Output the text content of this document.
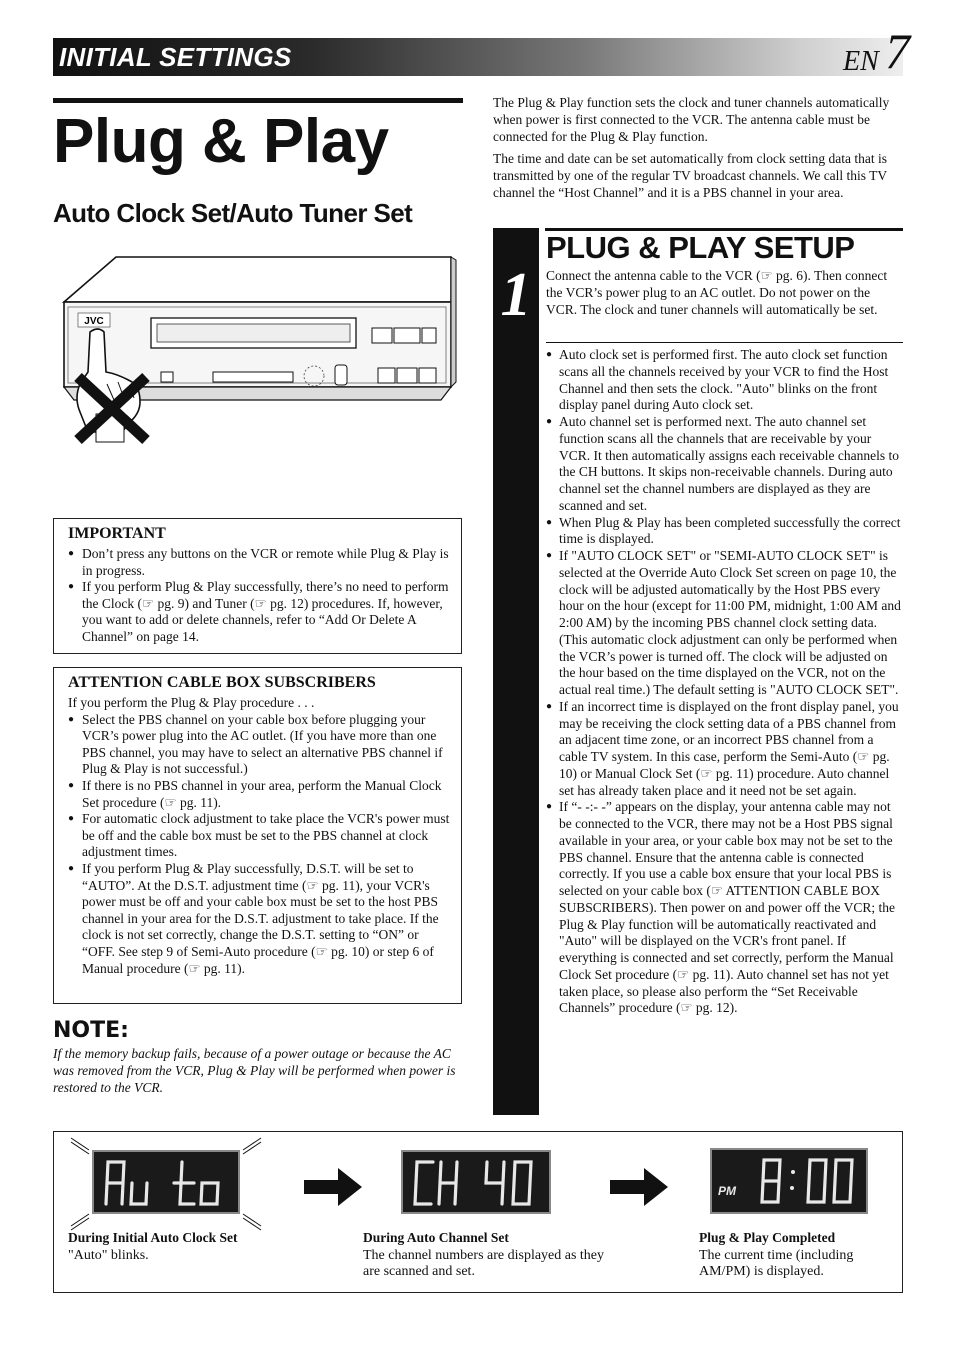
INITIAL SETTINGS	EN 7
Plug & Play
Auto Clock Set/Auto Tuner Set
JVC
IMPORTANT
● Don’t press any buttons on the VCR or remote while Plug & Play is in progress.
● If you perform Plug & Play successfully, there’s no need to perform the Clock (☞ pg. 9) and Tuner (☞ pg. 12) procedures. If, however, you want to add or delete channels, refer to “Add Or Delete A Channel” on page 14.
ATTENTION CABLE BOX SUBSCRIBERS

If you perform the Plug & Play procedure . . .

● Select the PBS channel on your cable box before plugging your VCR’s power plug into the AC outlet. (If you have more than one PBS channel, you may have to select an alternative PBS channel if Plug & Play is not successful.)
● If there is no PBS channel in your area, perform the Manual Clock Set procedure (☞ pg. 11).
● For automatic clock adjustment to take place the VCR's power must be off and the cable box must be set to the PBS channel at clock adjustment times.
● If you perform Plug & Play successfully, D.S.T. will be set to “AUTO”. At the D.S.T. adjustment time (☞ pg. 11), your VCR's power must be off and your cable box must be set to the host PBS channel in your area for the D.S.T. adjustment to take place. If the clock is not set correctly, change the D.S.T. setting to “ON” or “OFF. See step 9 of Semi-Auto procedure (☞ pg. 10) or step 6 of Manual procedure (☞ pg. 11).
NOTE:

If the memory backup fails, because of a power outage or because the AC was removed from the VCR, Plug & Play will be performed when power is restored to the VCR.

The Plug & Play function sets the clock and tuner channels automatically when power is first connected to the VCR. The antenna cable must be connected for the Plug & Play function.

The time and date can be set automatically from clock setting data that is transmitted by one of the regular TV broadcast channels. We call this TV channel the “Host Channel” and it is a PBS channel in your area.

1
PLUG & PLAY SETUP

Connect the antenna cable to the VCR (☞ pg. 6). Then connect the VCR’s power plug to an AC outlet. Do not power on the VCR. The clock and tuner channels will automatically be set.

● Auto clock set is performed first. The auto clock set function scans all the channels received by your VCR to find the Host Channel and then sets the clock. "Auto" blinks on the front display panel during Auto clock set.
● Auto channel set is performed next. The auto channel set function scans all the channels that are receivable by your VCR. It then automatically assigns each receivable channels to the CH buttons. It skips non-receivable channels. During auto channel set the channel numbers are displayed as they are scanned and set.
● When Plug & Play has been completed successfully the correct time is displayed.
● If "AUTO CLOCK SET" or "SEMI-AUTO CLOCK SET" is selected at the Override Auto Clock Set screen on page 10, the clock will be adjusted automatically by the Host PBS every hour on the hour (except for 11:00 PM, midnight, 1:00 AM and 2:00 AM) by the incoming PBS channel clock setting data. (This automatic clock adjustment can only be performed when the VCR’s power is turned off. The clock will be adjusted on the hour based on the time displayed on the VCR, not on the actual real time.) The default setting is "AUTO CLOCK SET".
● If an incorrect time is displayed on the front display panel, you may be receiving the clock setting data of a PBS channel from an adjacent time zone, or an incorrect PBS channel from a cable TV system. In this case, perform the Semi-Auto (☞ pg. 10) or Manual Clock Set (☞ pg. 11) procedure. Auto channel set has already taken place and it need not be set again.
● If “- -:- -” appears on the display, your antenna cable may not be connected to the VCR, there may not be a Host PBS signal available in your area, or your cable box may not be set to the PBS channel. Ensure that the antenna cable is connected correctly. If you use a cable box ensure that your local PBS is selected on your cable box (☞ ATTENTION CABLE BOX SUBSCRIBERS). Then power on and power off the VCR; the Plug & Play function will be automatically reactivated and "Auto" will be displayed on the VCR's front panel. If everything is connected and set correctly, perform the Manual Clock Set procedure (☞ pg. 11). Auto channel set has not yet taken place, so please also perform the “Set Receivable Channels” procedure (☞ pg. 12).
PM
During Initial Auto Clock Set
"Auto" blinks.
During Auto Channel Set
The channel numbers are displayed as they are scanned and set.
Plug & Play Completed
The current time (including AM/PM) is displayed.
